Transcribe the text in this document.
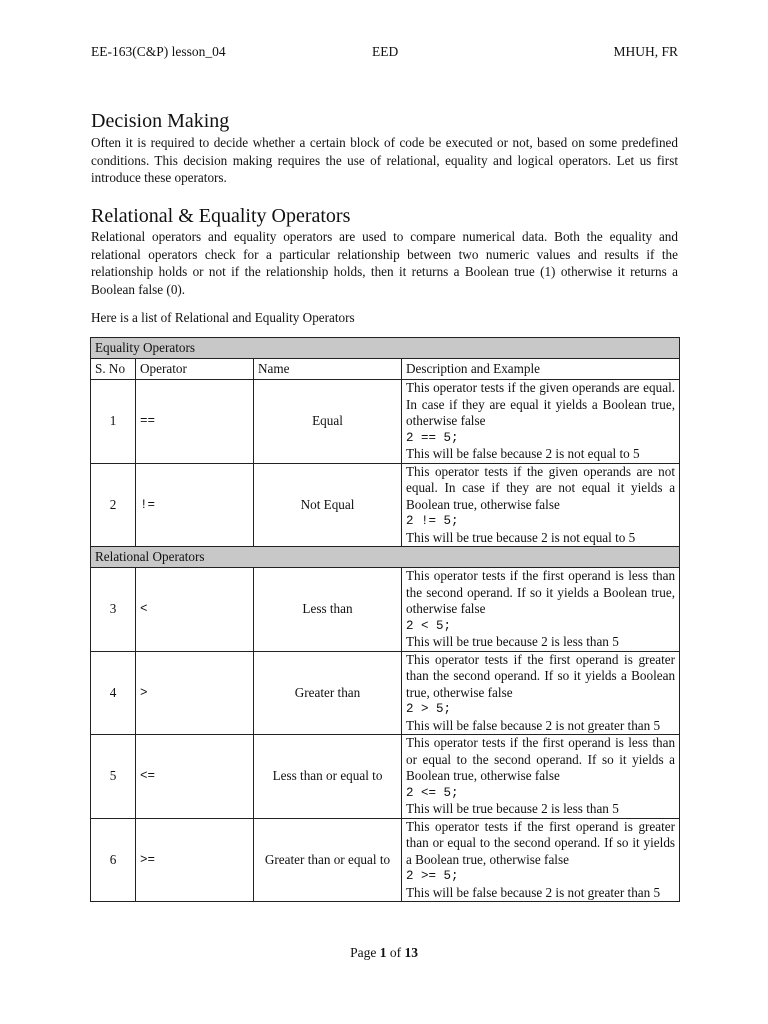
EE-163(C&P) lesson_04	EED	MHUH, FR
Decision Making

Often it is required to decide whether a certain block of code be executed or not, based on some predefined conditions. This decision making requires the use of relational, equality and logical operators. Let us first introduce these operators.

Relational & Equality Operators

Relational operators and equality operators are used to compare numerical data. Both the equality and relational operators check for a particular relationship between two numeric values and results if the relationship holds or not if the relationship holds, then it returns a Boolean true (1) otherwise it returns a Boolean false (0).

Here is a list of Relational and Equality Operators

Equality Operators			
S. No	Operator	Name	Description and Example
1	==	Equal	This operator tests if the given operands are equal. In case if they are equal it yields a Boolean true, otherwise false
2 == 5;
This will be false because 2 is not equal to 5

2	!=	Not Equal	This operator tests if the given operands are not equal. In case if they are not equal it yields a Boolean true, otherwise false
2 != 5;
This will be true because 2 is not equal to 5

Relational Operators			
3	<	Less than	This operator tests if the first operand is less than the second operand. If so it yields a Boolean true, otherwise false
2 < 5;
This will be true because 2 is less than 5

4	>	Greater than	This operator tests if the first operand is greater than the second operand. If so it yields a Boolean true, otherwise false
2 > 5;
This will be false because 2 is not greater than 5

5	<=	Less than or equal to	This operator tests if the first operand is less than or equal to the second operand. If so it yields a Boolean true, otherwise false
2 <= 5;
This will be true because 2 is less than 5

6	>=	Greater than or equal to	This operator tests if the first operand is greater than or equal to the second operand. If so it yields a Boolean true, otherwise false
2 >= 5;
This will be false because 2 is not greater than 5
Page 1 of 13
